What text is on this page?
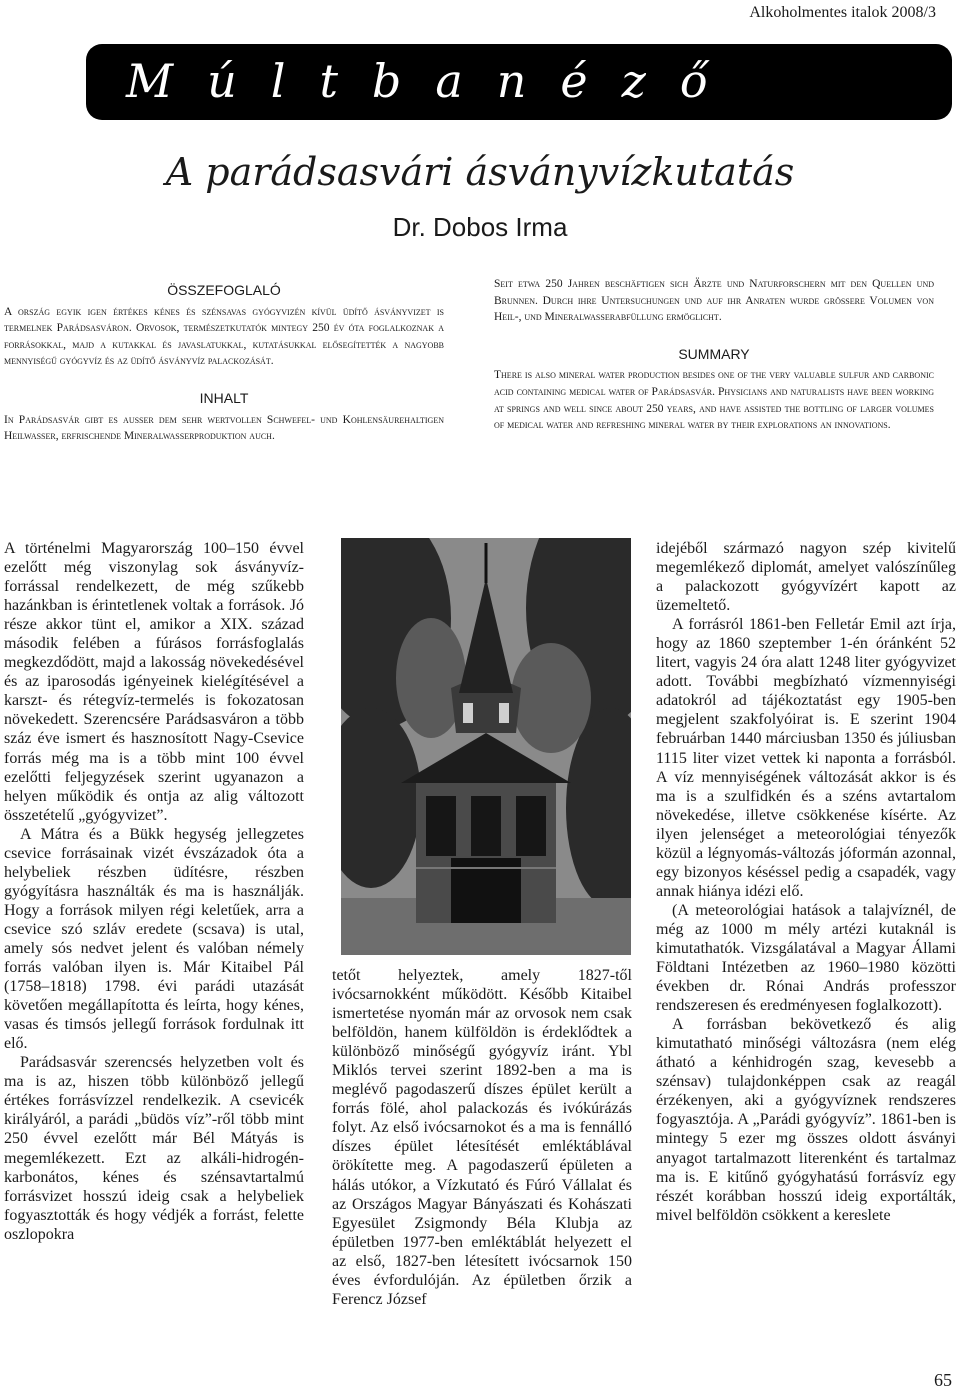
Alkoholmentes italok 2008/3
Múltbanéző
A parádsasvári ásványvízkutatás
Dr. Dobos Irma
ÖSSZEFOGLALÓ

A ország egyik igen értékes kénes és szénsavas gyógyvizén kívül üdítő ásványvizet is termelnek Parádsasváron. Orvosok, természetkutatók mintegy 250 év óta foglalkoznak a forrásokkal, majd a kutakkal és javaslatukkal, kutatásukkal elősegítették a nagyobb mennyiségű gyógyvíz és az üdítő ásványvíz palackozását.

INHALT

In Parádsasvár gibt es außer dem sehr wertvollen Schwefel- und Kohlensäurehaltigen Heilwasser, erfrischende Mineralwasserproduktion auch.

Seit etwa 250 Jahren beschäftigen sich Ärzte und Naturforschern mit den Quellen und Brunnen. Durch ihre Untersuchungen und auf ihr Anraten wurde größere Volumen von Heil-, und Mineralwasserabfüllung ermöglicht.

SUMMARY

There is also mineral water production besides one of the very valuable sulfur and carbonic acid containing medical water of Parádsasvár. Physicians and naturalists have been working at springs and well since about 250 years, and have assisted the bottling of larger volumes of medical water and refreshing mineral water by their explorations an innovations.

A történelmi Magyarország 100–150 évvel ezelőtt még viszonylag sok ásványvíz-forrással rendelkezett, de még szűkebb hazánkban is érintetlenek voltak a források. Jó része akkor tünt el, amikor a XIX. század második felében a fúrásos forrásfoglalás megkezdődött, majd a lakosság növekedésével és az iparosodás igényeinek kielégítésével a karszt- és rétegvíz-termelés is fokozatosan növekedett. Szerencsére Parádsasváron a több száz éve ismert és hasznosított Nagy-Csevice forrás még ma is a több mint 100 évvel ezelőtti feljegyzések szerint ugyanazon a helyen működik és ontja az alig változott összetételű „gyógyvizet”.

A Mátra és a Bükk hegység jellegzetes csevice forrásainak vizét évszázadok óta a helybeliek részben üdítésre, részben gyógyításra használták és ma is használják. Hogy a források milyen régi keletűek, arra a csevice szó szláv eredete (scsava) is utal, amely sós nedvet jelent és valóban némely forrás valóban ilyen is. Már Kitaibel Pál (1758–1818) 1798. évi parádi utazását követően megállapította és leírta, hogy kénes, vasas és timsós jellegű források fordulnak itt elő.

Parádsasvár szerencsés helyzetben volt és ma is az, hiszen több különböző jellegű értékes forrásvízzel rendelkezik. A csevicék királyáról, a parádi „büdös víz”-ről több mint 250 évvel ezelőtt már Bél Mátyás is megemlékezett. Ezt az alkáli-hidrogén-karbonátos, kénes és szénsavtartalmú forrásvizet hosszú ideig csak a helybeliek fogyasztották és hogy védjék a forrást, felette oszlopokra

tetőt helyeztek, amely 1827-től ivócsarnokként működött. Később Kitaibel ismertetése nyomán már az orvosok nem csak belföldön, hanem külföldön is érdeklődtek a különböző minőségű gyógyvíz iránt. Ybl Miklós tervei szerint 1892-ben a ma is meglévő pagodaszerű díszes épület került a forrás fölé, ahol palackozás és ivókúrázás folyt. Az első ivócsarnokot és a ma is fennálló díszes épület létesítését emléktáblával örökítette meg. A pagodaszerű épületen a hálás utókor, a Vízkutató és Fúró Vállalat és az Országos Magyar Bányászati és Kohászati Egyesület Zsigmondy Béla Klubja az épületben 1977-ben emléktáblát helyezett el az első, 1827-ben létesített ivócsarnok 150 éves évfordulóján. Az épületben őrzik a Ferencz József

idejéből származó nagyon szép kivitelű megemlékező diplomát, amelyet valószínűleg a palackozott gyógyvízért kapott az üzemeltető.

A forrásról 1861-ben Felletár Emil azt írja, hogy az 1860 szeptember 1-én óránként 52 litert, vagyis 24 óra alatt 1248 liter gyógyvizet adott. További megbízható vízmennyiségi adatokról ad tájékoztatást egy 1905-ben megjelent szakfolyóirat is. E szerint 1904 februárban 1440 márciusban 1350 és júliusban 1115 liter vizet vettek ki naponta a forrásból. A víz mennyiségének változását akkor is és ma is a szulfidkén és a széns avtartalom növekedése, illetve csökkenése kísérte. Az ilyen jelenséget a meteorológiai tényezők közül a légnyomás-változás jóformán azonnal, egy bizonyos késéssel pedig a csapadék, vagy annak hiánya idézi elő.

(A meteorológiai hatások a talajvíznél, de még az 1000 m mély artézi kutaknál is kimutathatók. Vizsgálatával a Magyar Állami Földtani Intézetben az 1960–1980 közötti években dr. Rónai András professzor rendszeresen és eredményesen foglalkozott).

A forrásban bekövetkező és alig kimutatható minőségi változásra (nem elég átható a kénhidrogén szag, kevesebb a szénsav) tulajdonképpen csak az reagál érzékenyen, aki a gyógyvíznek rendszeres fogyasztója. A „Parádi gyógyvíz”. 1861-ben is mintegy 5 ezer mg összes oldott ásványi anyagot tartalmazott literenként és tartalmaz ma is. E kitűnő gyógyhatású forrásvíz egy részét korábban hosszú ideig exportálták, mivel belföldön csökkent a kereslete

65
